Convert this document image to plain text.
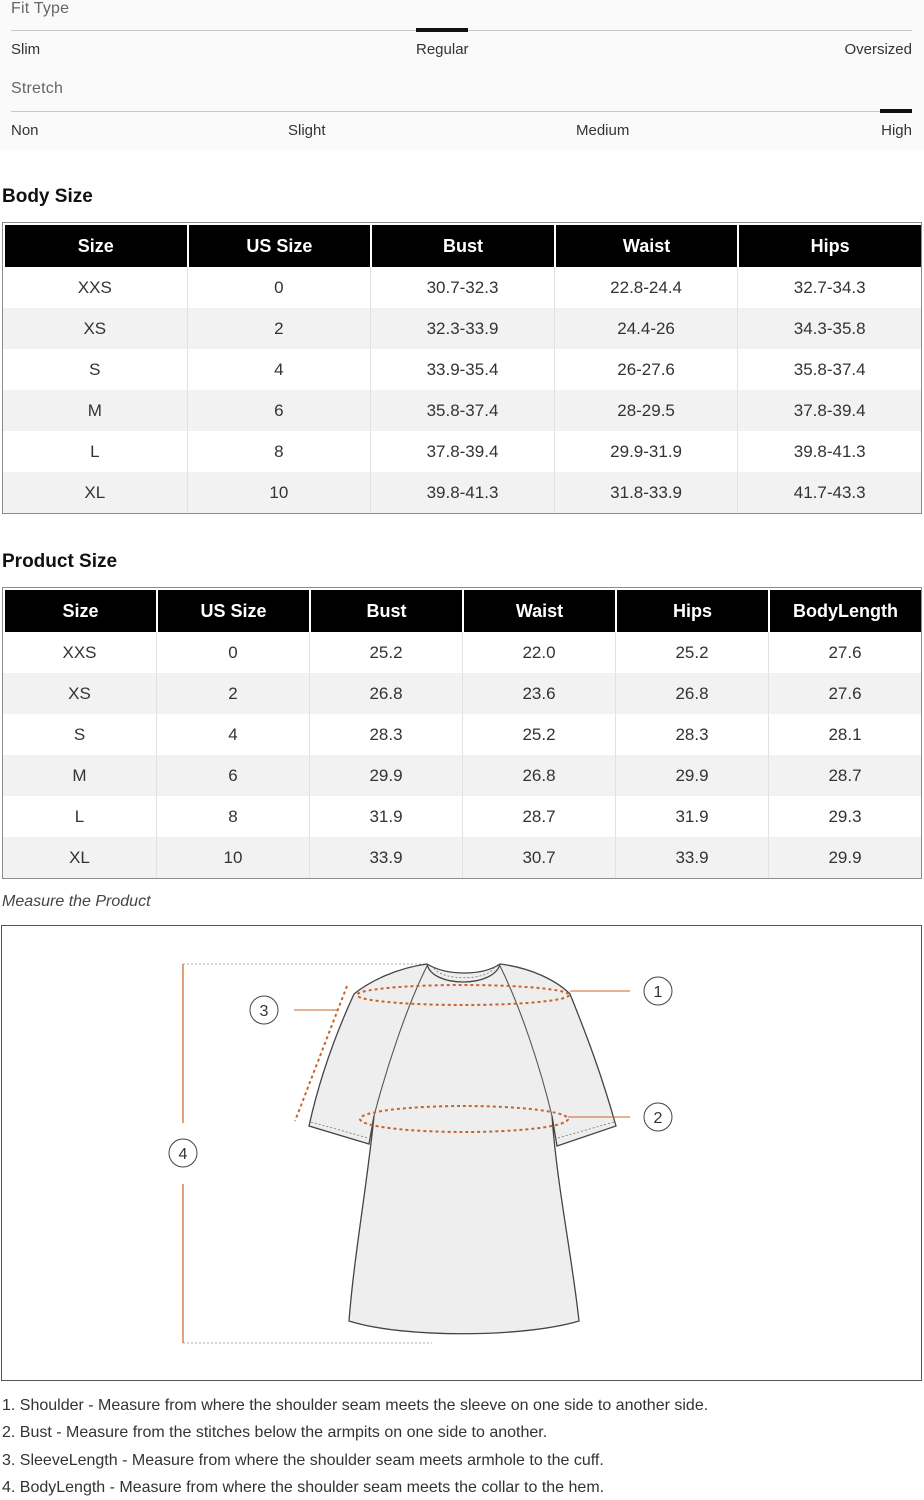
Fit Type
Slim	Regular	Oversized
Stretch
Non	Slight	Medium	High
Body Size
Size	US Size	Bust	Waist	Hips
XXS	0	30.7-32.3	22.8-24.4	32.7-34.3
XS	2	32.3-33.9	24.4-26	34.3-35.8
S	4	33.9-35.4	26-27.6	35.8-37.4
M	6	35.8-37.4	28-29.5	37.8-39.4
L	8	37.8-39.4	29.9-31.9	39.8-41.3
XL	10	39.8-41.3	31.8-33.9	41.7-43.3
Product Size
Size	US Size	Bust	Waist	Hips	BodyLength
XXS	0	25.2	22.0	25.2	27.6
XS	2	26.8	23.6	26.8	27.6
S	4	28.3	25.2	28.3	28.1
M	6	29.9	26.8	29.9	28.7
L	8	31.9	28.7	31.9	29.3
XL	10	33.9	30.7	33.9	29.9
Measure the Product
1
2
3
4
1. Shoulder - Measure from where the shoulder seam meets the sleeve on one side to another side.
2. Bust - Measure from the stitches below the armpits on one side to another.
3. SleeveLength - Measure from where the shoulder seam meets armhole to the cuff.
4. BodyLength - Measure from where the shoulder seam meets the collar to the hem.
